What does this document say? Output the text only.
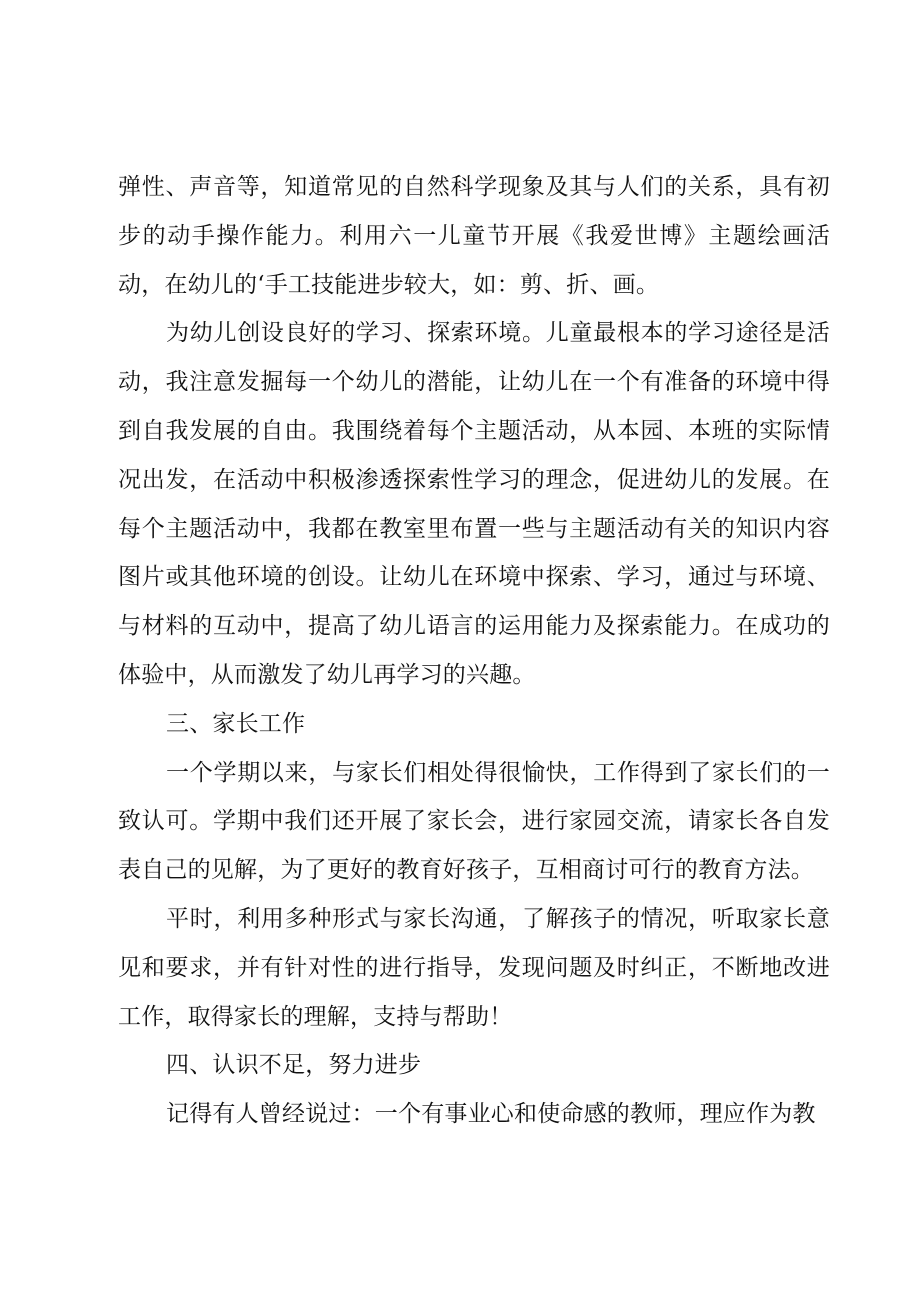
弹性、声音等，知道常见的自然科学现象及其与人们的关系，具有初步的动手操作能力。利用六一儿童节开展《我爱世博》主题绘画活动，在幼儿的‘手工技能进步较大，如：剪、折、画。

为幼儿创设良好的学习、探索环境。儿童最根本的学习途径是活动，我注意发掘每一个幼儿的潜能，让幼儿在一个有准备的环境中得到自我发展的自由。我围绕着每个主题活动，从本园、本班的实际情况出发，在活动中积极渗透探索性学习的理念，促进幼儿的发展。在每个主题活动中，我都在教室里布置一些与主题活动有关的知识内容图片或其他环境的创设。让幼儿在环境中探索、学习，通过与环境、与材料的互动中，提高了幼儿语言的运用能力及探索能力。在成功的体验中，从而激发了幼儿再学习的兴趣。

三、家长工作

一个学期以来，与家长们相处得很愉快，工作得到了家长们的一致认可。学期中我们还开展了家长会，进行家园交流，请家长各自发表自己的见解，为了更好的教育好孩子，互相商讨可行的教育方法。

平时，利用多种形式与家长沟通，了解孩子的情况，听取家长意见和要求，并有针对性的进行指导，发现问题及时纠正，不断地改进工作，取得家长的理解，支持与帮助！

四、认识不足，努力进步

记得有人曾经说过：一个有事业心和使命感的教师，理应作为教
